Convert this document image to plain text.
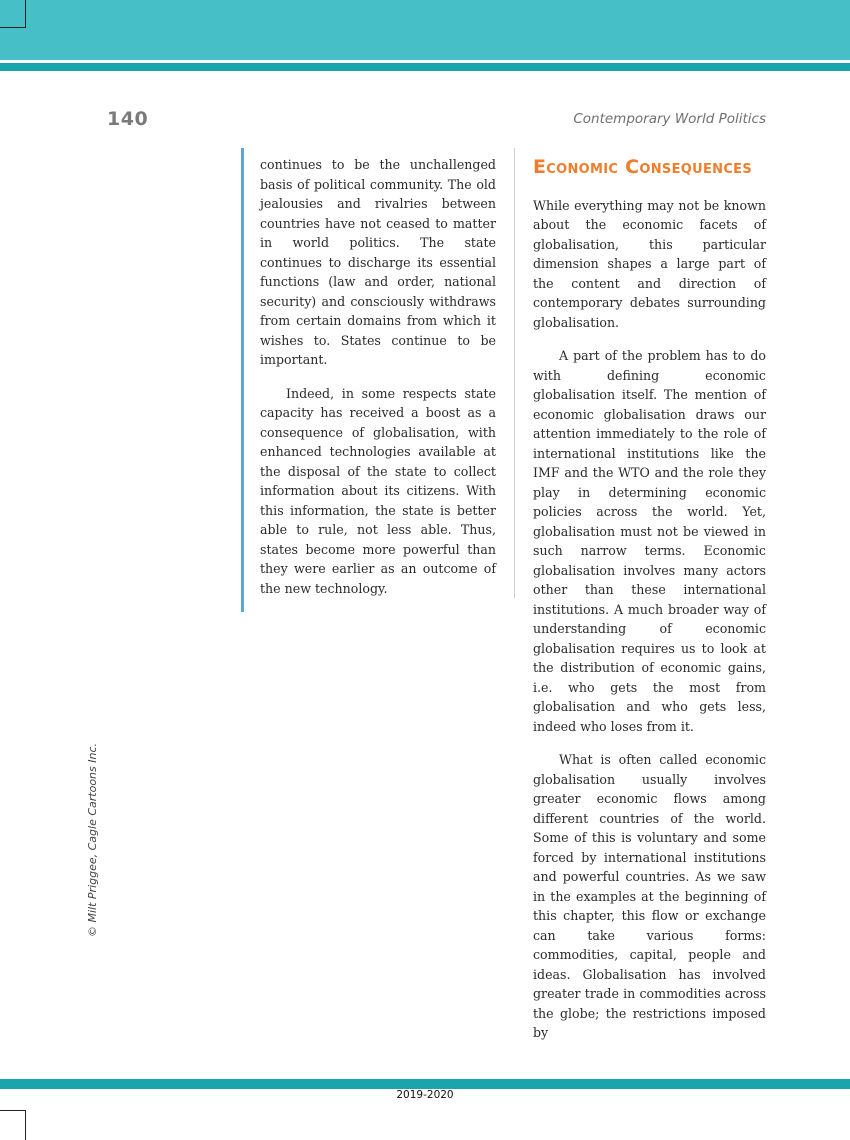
140	Contemporary World Politics

continues to be the unchallenged basis of political community. The old jealousies and rivalries between countries have not ceased to matter in world politics. The state continues to discharge its essential functions (law and order, national security) and consciously withdraws from certain domains from which it wishes to. States continue to be important.

Indeed, in some respects state capacity has received a boost as a consequence of globalisation, with enhanced technologies available at the disposal of the state to collect information about its citizens. With this information, the state is better able to rule, not less able. Thus, states become more powerful than they were earlier as an outcome of the new technology.

Economic Consequences

While everything may not be known about the economic facets of globalisation, this particular dimension shapes a large part of the content and direction of contemporary debates surrounding globalisation.

A part of the problem has to do with defining economic globalisation itself. The mention of economic globalisation draws our attention immediately to the role of international institutions like the IMF and the WTO and the role they play in determining economic policies across the world. Yet, globalisation must not be viewed in such narrow terms. Economic globalisation involves many actors other than these international institutions. A much broader way of understanding of economic globalisation requires us to look at the distribution of economic gains, i.e. who gets the most from globalisation and who gets less, indeed who loses from it.

What is often called economic globalisation usually involves greater economic flows among different countries of the world. Some of this is voluntary and some forced by international institutions and powerful countries. As we saw in the examples at the beginning of this chapter, this flow or exchange can take various forms: commodities, capital, people and ideas. Globalisation has involved greater trade in commodities across the globe; the restrictions imposed by

© Milt Priggee, Cagle Cartoons Inc.
2019-2020
